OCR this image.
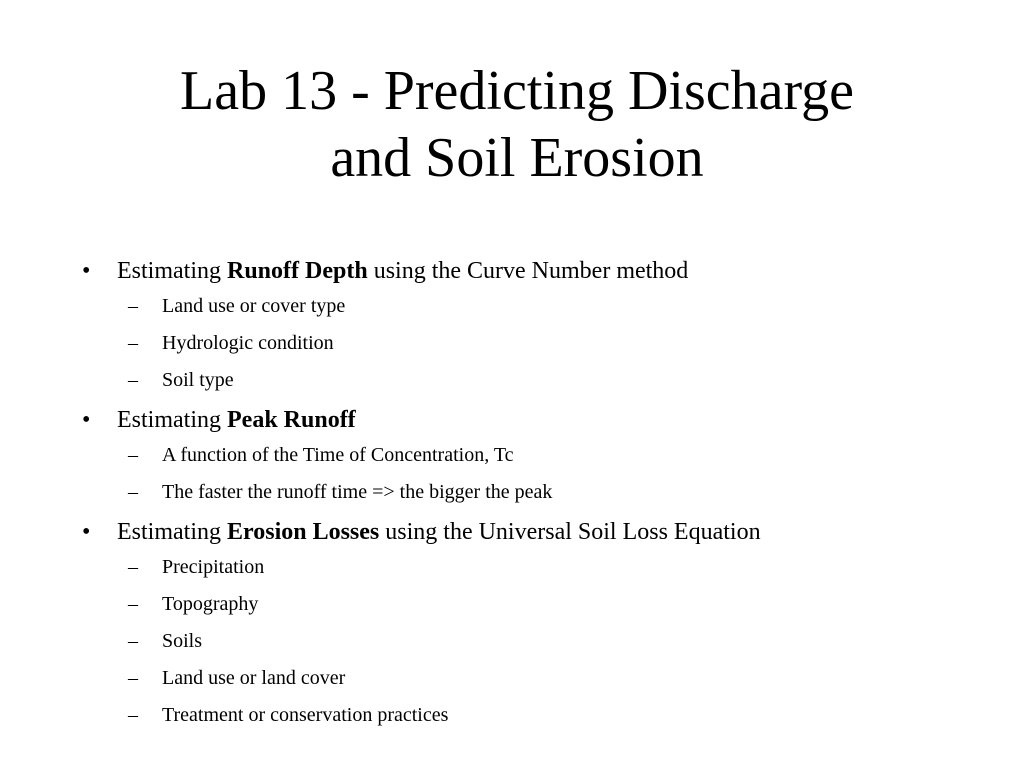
Lab 13 - Predicting Discharge
and Soil Erosion
• Estimating Runoff Depth using the Curve Number method
– Land use or cover type
– Hydrologic condition
– Soil type
• Estimating Peak Runoff
– A function of the Time of Concentration, Tc
– The faster the runoff time => the bigger the peak
• Estimating Erosion Losses using the Universal Soil Loss Equation
– Precipitation
– Topography
– Soils
– Land use or land cover
– Treatment or conservation practices
